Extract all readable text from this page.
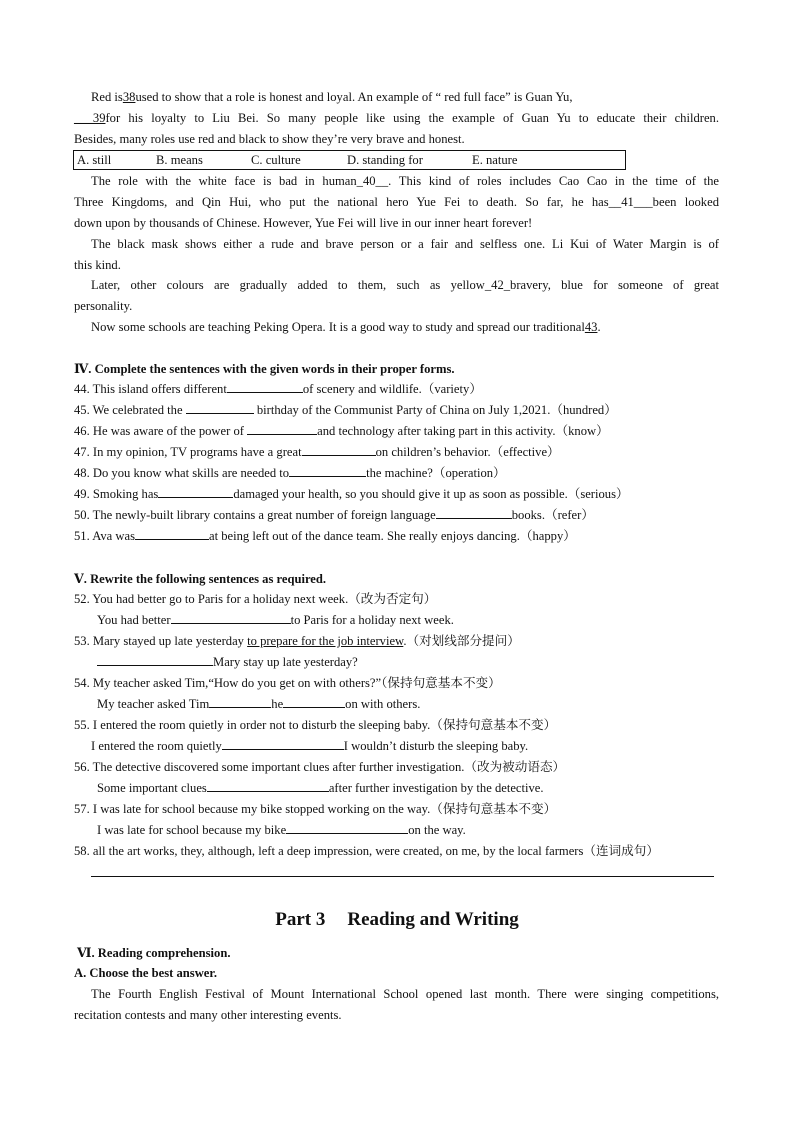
Red is38used to show that a role is honest and loyal. An example of “ red full face” is Guan Yu,
___39for his loyalty to Liu Bei. So many people like using the example of Guan Yu to educate their children.
Besides, many roles use red and black to show they’re very brave and honest.
A. still	B. means	C. culture	D. standing for	E. nature
The role with the white face is bad in human_40__. This kind of roles includes Cao Cao in the time of the
Three Kingdoms, and Qin Hui, who put the national hero Yue Fei to death. So far, he has__41___been looked
down upon by thousands of Chinese. However, Yue Fei will live in our inner heart forever!
The black mask shows either a rude and brave person or a fair and selfless one. Li Kui of Water Margin is of
this kind.
Later, other colours are gradually added to them, such as yellow_42_bravery, blue for someone of great
personality.
Now some schools are teaching Peking Opera. It is a good way to study and spread our traditional43.
Ⅳ. Complete the sentences with the given words in their proper forms.
44. This island offers different	of scenery and wildlife.（variety）
45. We celebrated the	birthday of the Communist Party of China on July 1,2021.（hundred）
46. He was aware of the power of	and technology after taking part in this activity.（know）
47. In my opinion, TV programs have a great	on children’s behavior.（effective）
48. Do you know what skills are needed to	the machine?（operation）
49. Smoking has	damaged your health, so you should give it up as soon as possible.（serious）
50. The newly-built library contains a great number of foreign language	books.（refer）
51. Ava was	at being left out of the dance team. She really enjoys dancing.（happy）
Ⅴ. Rewrite the following sentences as required.
52. You had better go to Paris for a holiday next week.（改为否定句）
You had better	to Paris for a holiday next week.
53. Mary stayed up late yesterday to prepare for the job interview.（对划线部分提问）
Mary stay up late yesterday?
54. My teacher asked Tim,“How do you get on with others?”（保持句意基本不变）
My teacher asked Tim	he	on with others.
55. I entered the room quietly in order not to disturb the sleeping baby.（保持句意基本不变）
I entered the room quietly	I wouldn’t disturb the sleeping baby.
56. The detective discovered some important clues after further investigation.（改为被动语态）
Some important clues	after further investigation by the detective.
57. I was late for school because my bike stopped working on the way.（保持句意基本不变）
I was late for school because my bike	on the way.
58. all the art works, they, although, left a deep impression, were created, on me, by the local farmers（连词成句）
Part 3 Reading and Writing
Ⅵ. Reading comprehension.
A. Choose the best answer.
The Fourth English Festival of Mount International School opened last month. There were singing competitions,
recitation contests and many other interesting events.
